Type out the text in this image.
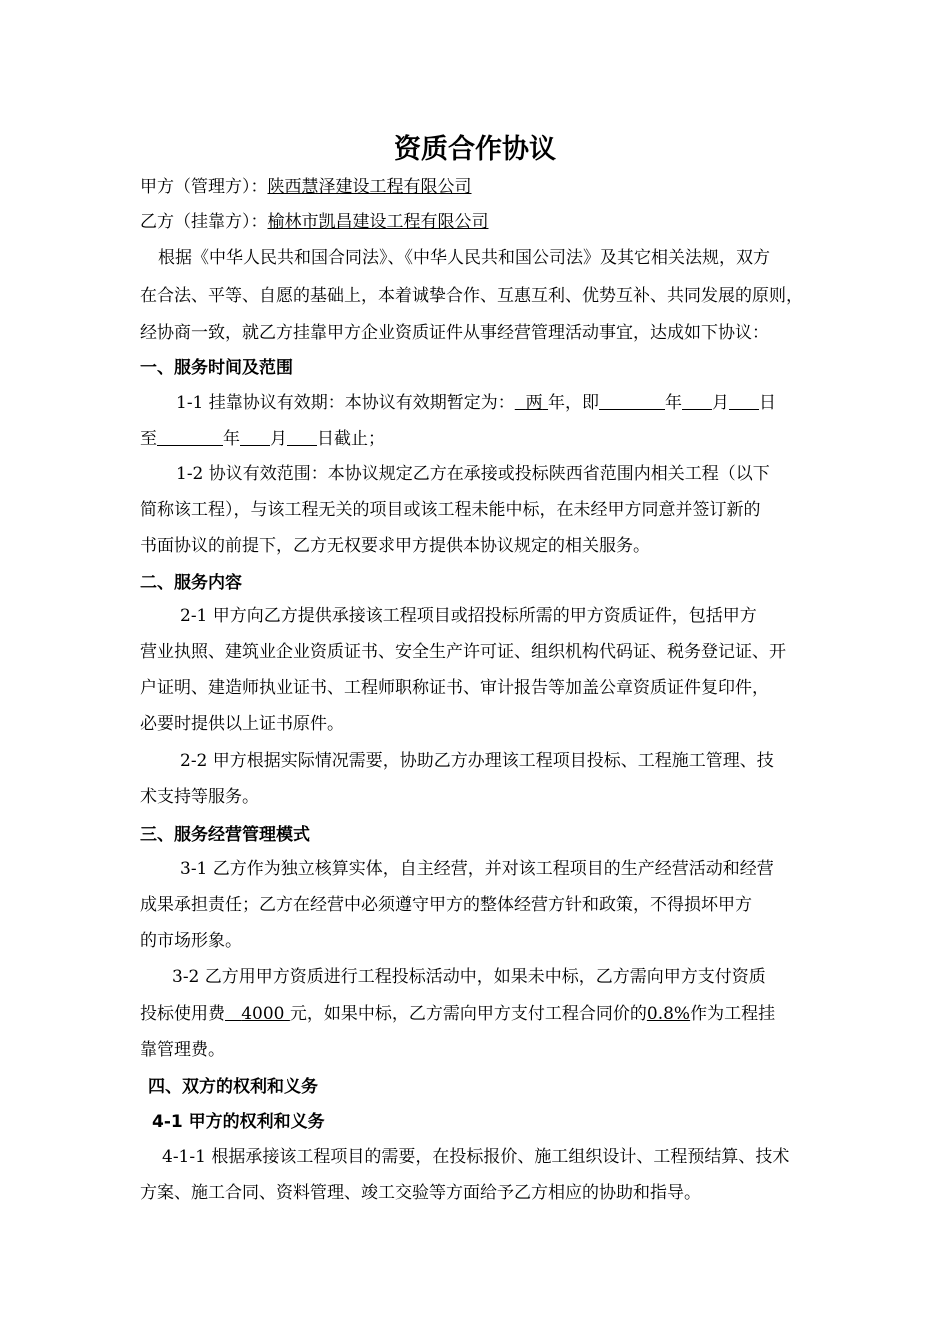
资质合作协议
甲方（管理方）：陕西慧泽建设工程有限公司
乙方（挂靠方）：榆林市凯昌建设工程有限公司
根据《中华人民共和国合同法》、《中华人民共和国公司法》及其它相关法规，双方
在合法、平等、自愿的基础上，本着诚挚合作、互惠互利、优势互补、共同发展的原则，
经协商一致，就乙方挂靠甲方企业资质证件从事经营管理活动事宜，达成如下协议：
一、服务时间及范围
1-1 挂靠协议有效期：本协议有效期暂定为： 两 年，即	年 月 日
至	年 月 日截止；
1-2 协议有效范围：本协议规定乙方在承接或投标陕西省范围内相关工程（以下
简称该工程），与该工程无关的项目或该工程未能中标，在未经甲方同意并签订新的
书面协议的前提下，乙方无权要求甲方提供本协议规定的相关服务。
二、服务内容
2-1 甲方向乙方提供承接该工程项目或招投标所需的甲方资质证件，包括甲方
营业执照、建筑业企业资质证书、安全生产许可证、组织机构代码证、税务登记证、开
户证明、建造师执业证书、工程师职称证书、审计报告等加盖公章资质证件复印件，
必要时提供以上证书原件。
2-2 甲方根据实际情况需要，协助乙方办理该工程项目投标、工程施工管理、技
术支持等服务。
三、服务经营管理模式
3-1 乙方作为独立核算实体，自主经营，并对该工程项目的生产经营活动和经营
成果承担责任；乙方在经营中必须遵守甲方的整体经营方针和政策，不得损坏甲方
的市场形象。
3-2 乙方用甲方资质进行工程投标活动中，如果未中标，乙方需向甲方支付资质
投标使用费 4000 元，如果中标，乙方需向甲方支付工程合同价的0.8%作为工程挂
靠管理费。
四、双方的权利和义务
4-1 甲方的权利和义务
4-1-1 根据承接该工程项目的需要，在投标报价、施工组织设计、工程预结算、技术
方案、施工合同、资料管理、竣工交验等方面给予乙方相应的协助和指导。
